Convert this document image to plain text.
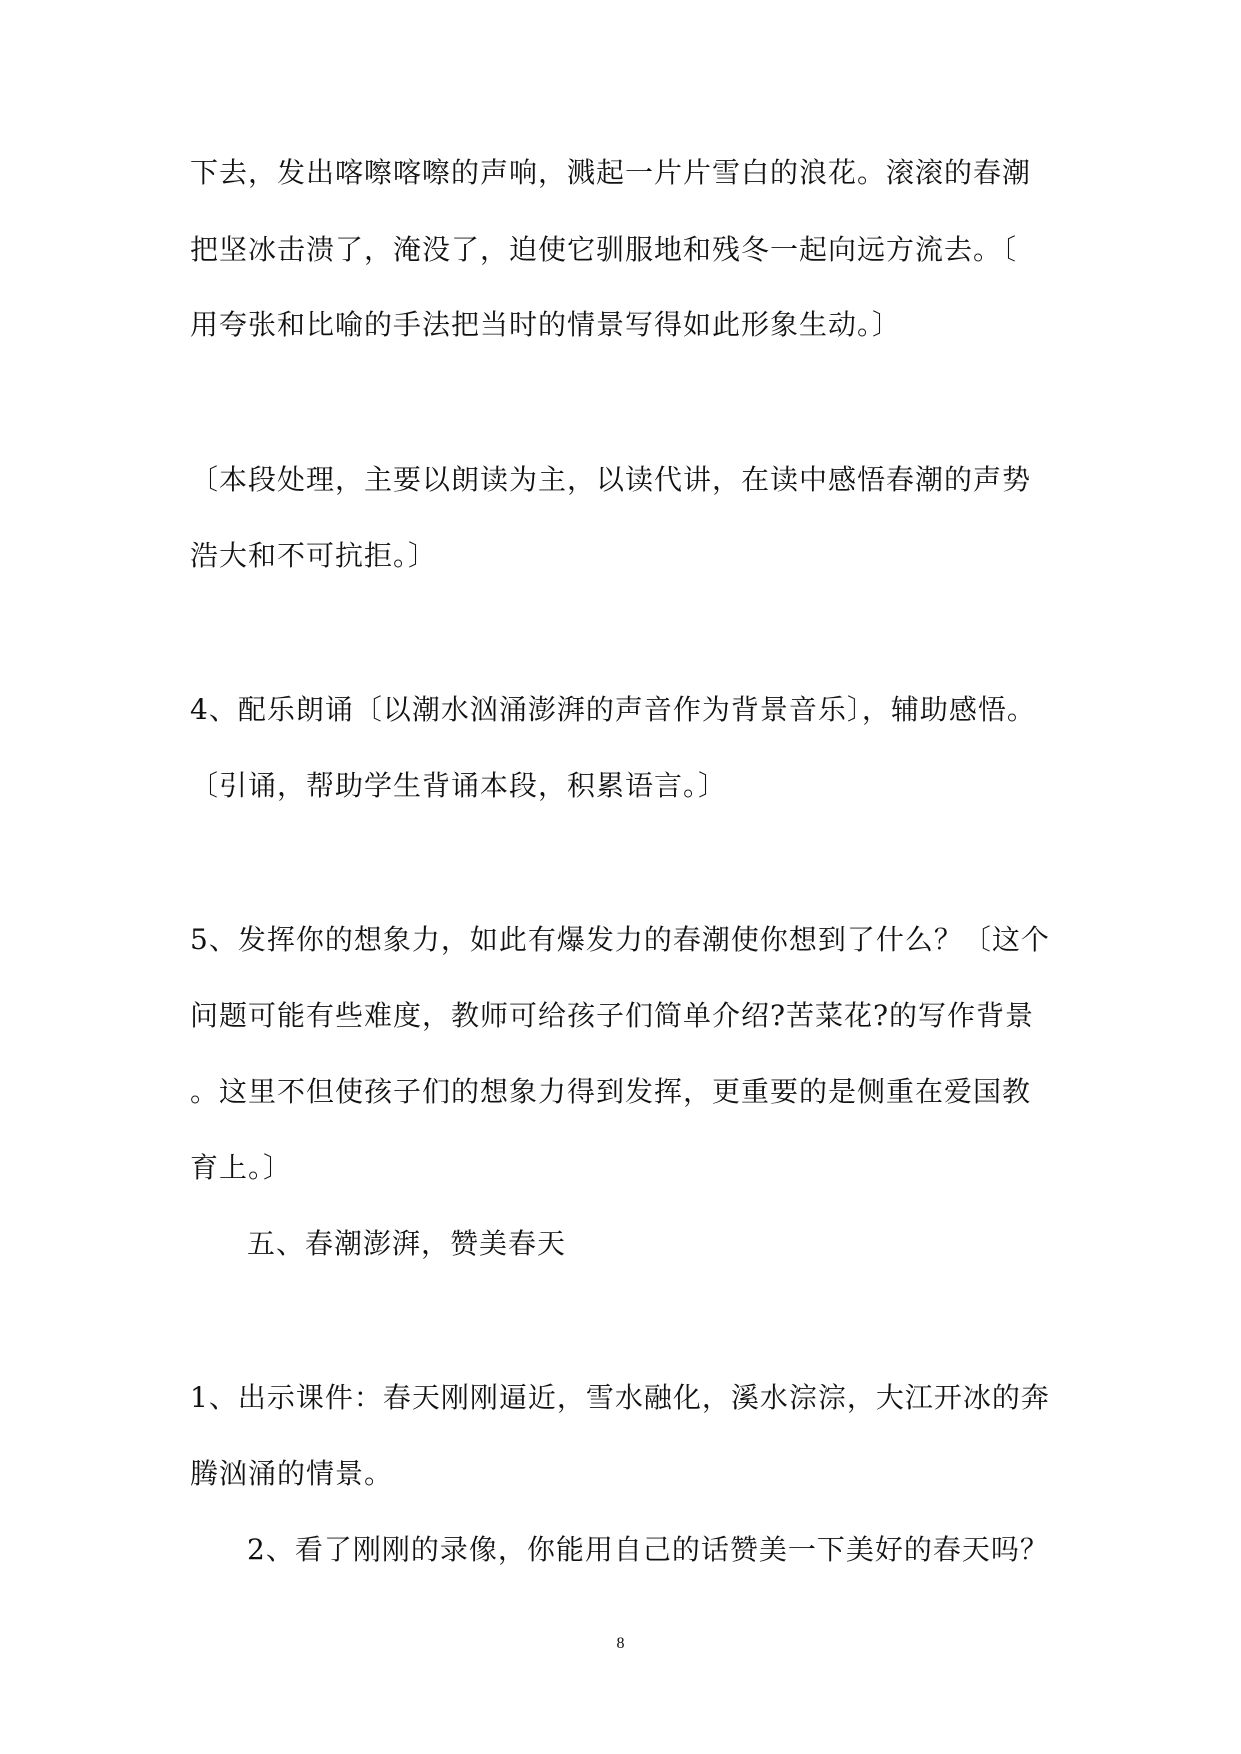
下去，发出喀嚓喀嚓的声响，溅起一片片雪白的浪花。滚滚的春潮
把坚冰击溃了，淹没了，迫使它驯服地和残冬一起向远方流去。〔
用夸张和比喻的手法把当时的情景写得如此形象生动。〕
〔本段处理，主要以朗读为主，以读代讲，在读中感悟春潮的声势
浩大和不可抗拒。〕
4、配乐朗诵〔以潮水汹涌澎湃的声音作为背景音乐〕，辅助感悟。
〔引诵，帮助学生背诵本段，积累语言。〕
5、发挥你的想象力，如此有爆发力的春潮使你想到了什么？〔这个
问题可能有些难度，教师可给孩子们简单介绍?苦菜花?的写作背景
。这里不但使孩子们的想象力得到发挥，更重要的是侧重在爱国教
育上。〕
五、春潮澎湃，赞美春天
1、出示课件：春天刚刚逼近，雪水融化，溪水淙淙，大江开冰的奔
腾汹涌的情景。
2、看了刚刚的录像，你能用自己的话赞美一下美好的春天吗？
8
